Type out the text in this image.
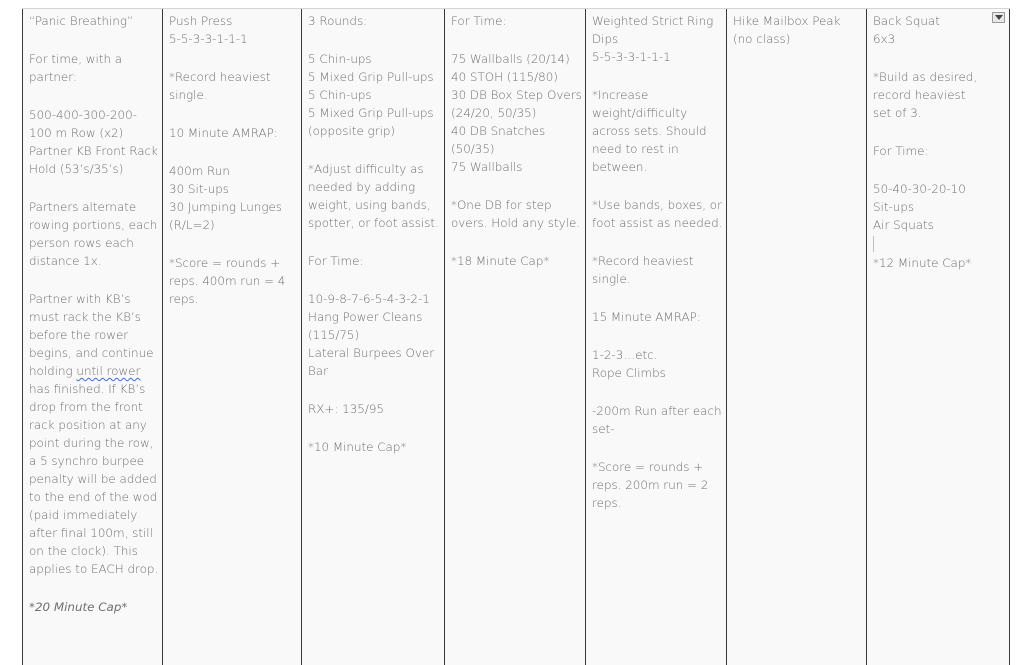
“Panic Breathing”
For time, with a partner:
500-400-300-200-100 m Row (x2) Partner KB Front Rack Hold (53’s/35’s)
Partners alternate rowing portions, each person rows each distance 1x.
Partner with KB’s must rack the KB’s before the rower begins, and continue holding until rower has finished. If KB’s drop from the front rack position at any point during the row, a 5 synchro burpee penalty will be added to the end of the wod (paid immediately after final 100m, still on the clock). This applies to EACH drop.
*20 Minute Cap*
Push Press
5-5-3-3-1-1-1
*Record heaviest single.
10 Minute AMRAP:
400m Run
30 Sit-ups
30 Jumping Lunges (R/L=2)
*Score = rounds + reps. 400m run = 4 reps.
3 Rounds:
5 Chin-ups
5 Mixed Grip Pull-ups
5 Chin-ups
5 Mixed Grip Pull-ups (opposite grip)
*Adjust difficulty as needed by adding weight, using bands, spotter, or foot assist.
For Time:
10-9-8-7-6-5-4-3-2-1
Hang Power Cleans (115/75)
Lateral Burpees Over Bar
RX+: 135/95
*10 Minute Cap*
For Time:
75 Wallballs (20/14)
40 STOH (115/80)
30 DB Box Step Overs (24/20, 50/35)
40 DB Snatches (50/35)
75 Wallballs
*One DB for step overs. Hold any style.
*18 Minute Cap*
Weighted Strict Ring Dips
5-5-3-3-1-1-1
*Increase weight/difficulty across sets. Should need to rest in between.
*Use bands, boxes, or foot assist as needed.
*Record heaviest single.
15 Minute AMRAP:
1-2-3…etc.
Rope Climbs
-200m Run after each set-
*Score = rounds + reps. 200m run = 2 reps.
Hike Mailbox Peak (no class)
Back Squat
6x3
*Build as desired, record heaviest set of 3.
For Time:
50-40-30-20-10
Sit-ups
Air Squats
*12 Minute Cap*
